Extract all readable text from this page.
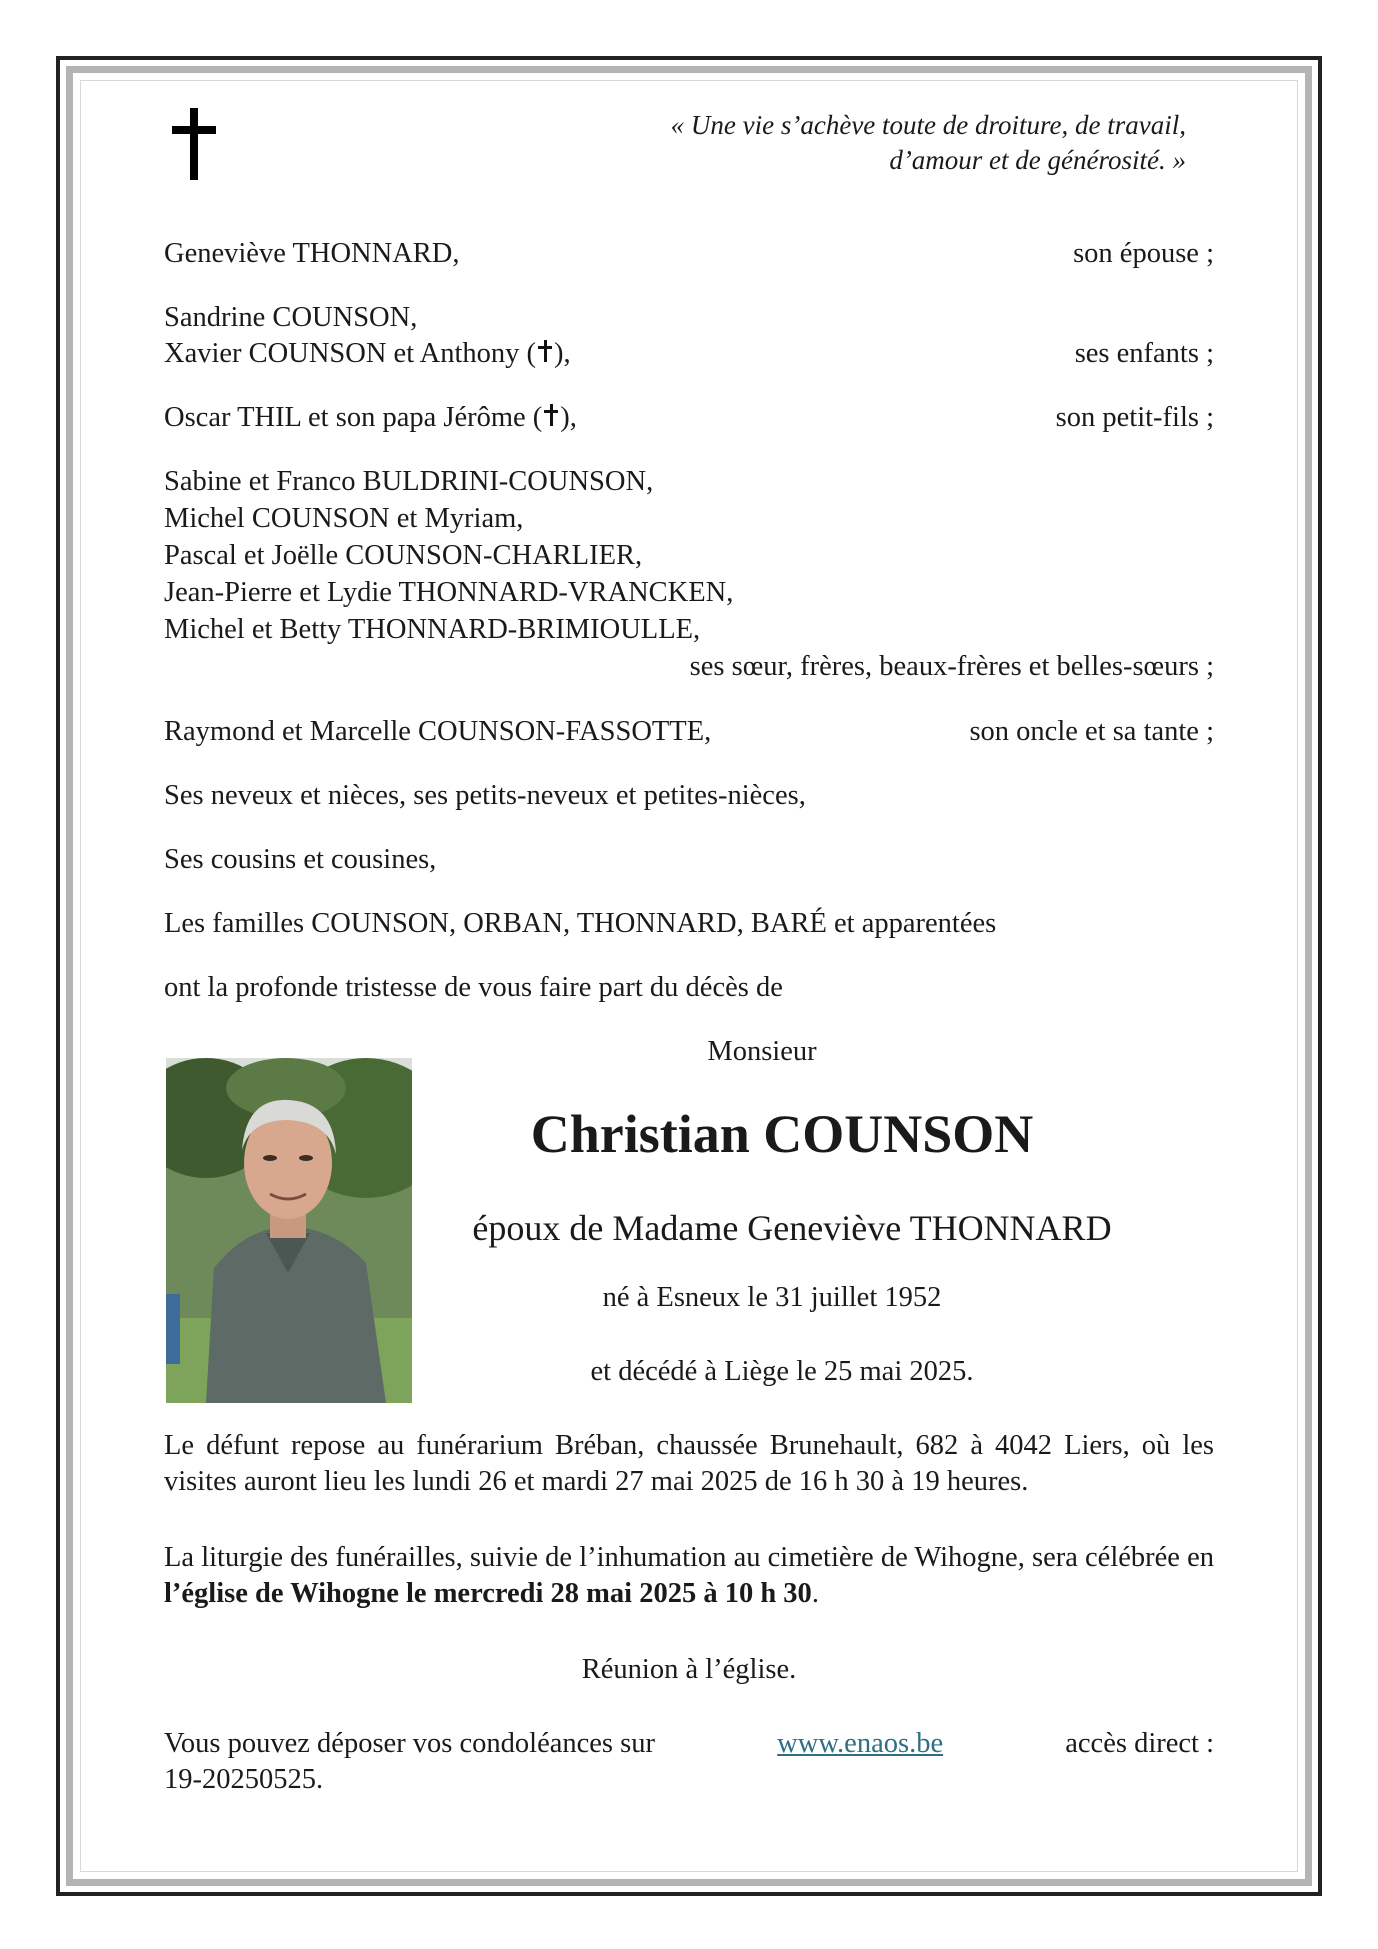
« Une vie s’achève toute de droiture, de travail,
d’amour et de générosité. »
Geneviève THONNARD,	son épouse ;
Sandrine COUNSON,
Xavier COUNSON et Anthony ( ),	ses enfants ;
Oscar THIL et son papa Jérôme ( ),	son petit-fils ;
Sabine et Franco BULDRINI-COUNSON,
Michel COUNSON et Myriam,
Pascal et Joëlle COUNSON-CHARLIER,
Jean-Pierre et Lydie THONNARD-VRANCKEN,
Michel et Betty THONNARD-BRIMIOULLE,
ses sœur, frères, beaux-frères et belles-sœurs ;
Raymond et Marcelle COUNSON-FASSOTTE,	son oncle et sa tante ;
Ses neveux et nièces, ses petits-neveux et petites-nièces,
Ses cousins et cousines,
Les familles COUNSON, ORBAN, THONNARD, BARÉ et apparentées
ont la profonde tristesse de vous faire part du décès de
Monsieur
Christian COUNSON
époux de Madame Geneviève THONNARD
né à Esneux le 31 juillet 1952
et décédé à Liège le 25 mai 2025.
Le défunt repose au funérarium Bréban, chaussée Brunehault, 682 à 4042 Liers, où les visites auront lieu les lundi 26 et mardi 27 mai 2025 de 16 h 30 à 19 heures.
La liturgie des funérailles, suivie de l’inhumation au cimetière de Wihogne, sera célébrée en l’église de Wihogne le mercredi 28 mai 2025 à 10 h 30.
Réunion à l’église.
Vous pouvez déposer vos condoléances sur	www.enaos.be	accès direct :
19-20250525.
